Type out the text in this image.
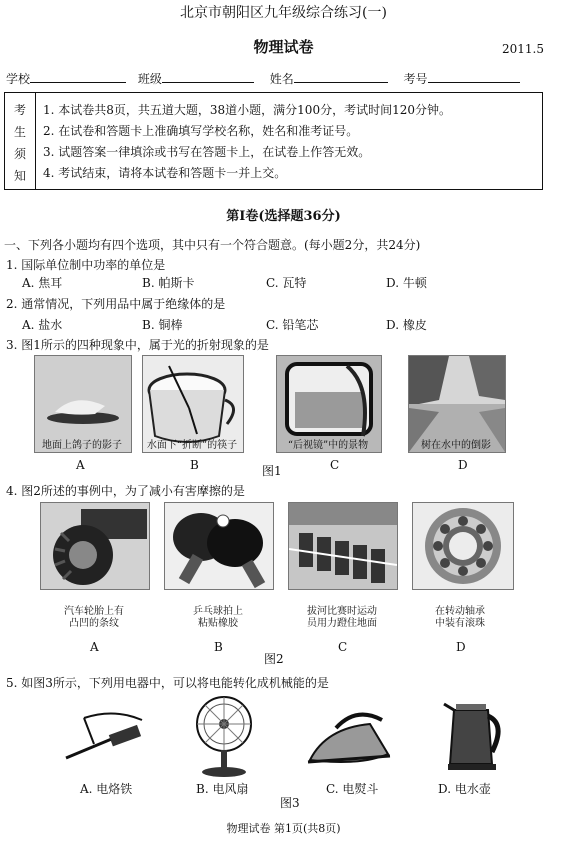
北京市朝阳区九年级综合练习(一)
物理试卷	2011.5
学校	班级	姓名	考号
考
生
须
知
1. 本试卷共8页，共五道大题，38道小题，满分100分，考试时间120分钟。
2. 在试卷和答题卡上准确填写学校名称，姓名和准考证号。
3. 试题答案一律填涂或书写在答题卡上，在试卷上作答无效。
4. 考试结束，请将本试卷和答题卡一并上交。
第Ⅰ卷(选择题36分)
一、下列各小题均有四个选项，其中只有一个符合题意。(每小题2分，共24分)
1. 国际单位制中功率的单位是
A. 焦耳	B. 帕斯卡	C. 瓦特	D. 牛顿
2. 通常情况，下列用品中属于绝缘体的是
A. 盐水	B. 铜棒	C. 铅笔芯	D. 橡皮
3. 图1所示的四种现象中，属于光的折射现象的是
地面上鸽子的影子	水面下“折断”的筷子	“后视镜”中的景物	树在水中的倒影
A	B	图1	C	D
4. 图2所述的事例中，为了减小有害摩擦的是
汽车轮胎上有
凸凹的条纹
乒乓球拍上
粘贴橡胶
拔河比赛时运动
员用力蹬住地面
在转动轴承
中装有滚珠
A	B
图2
C	D
5. 如图3所示，下列用电器中，可以将电能转化成机械能的是
A. 电烙铁	B. 电风扇	C. 电熨斗	D. 电水壶
图3
物理试卷 第1页(共8页)
